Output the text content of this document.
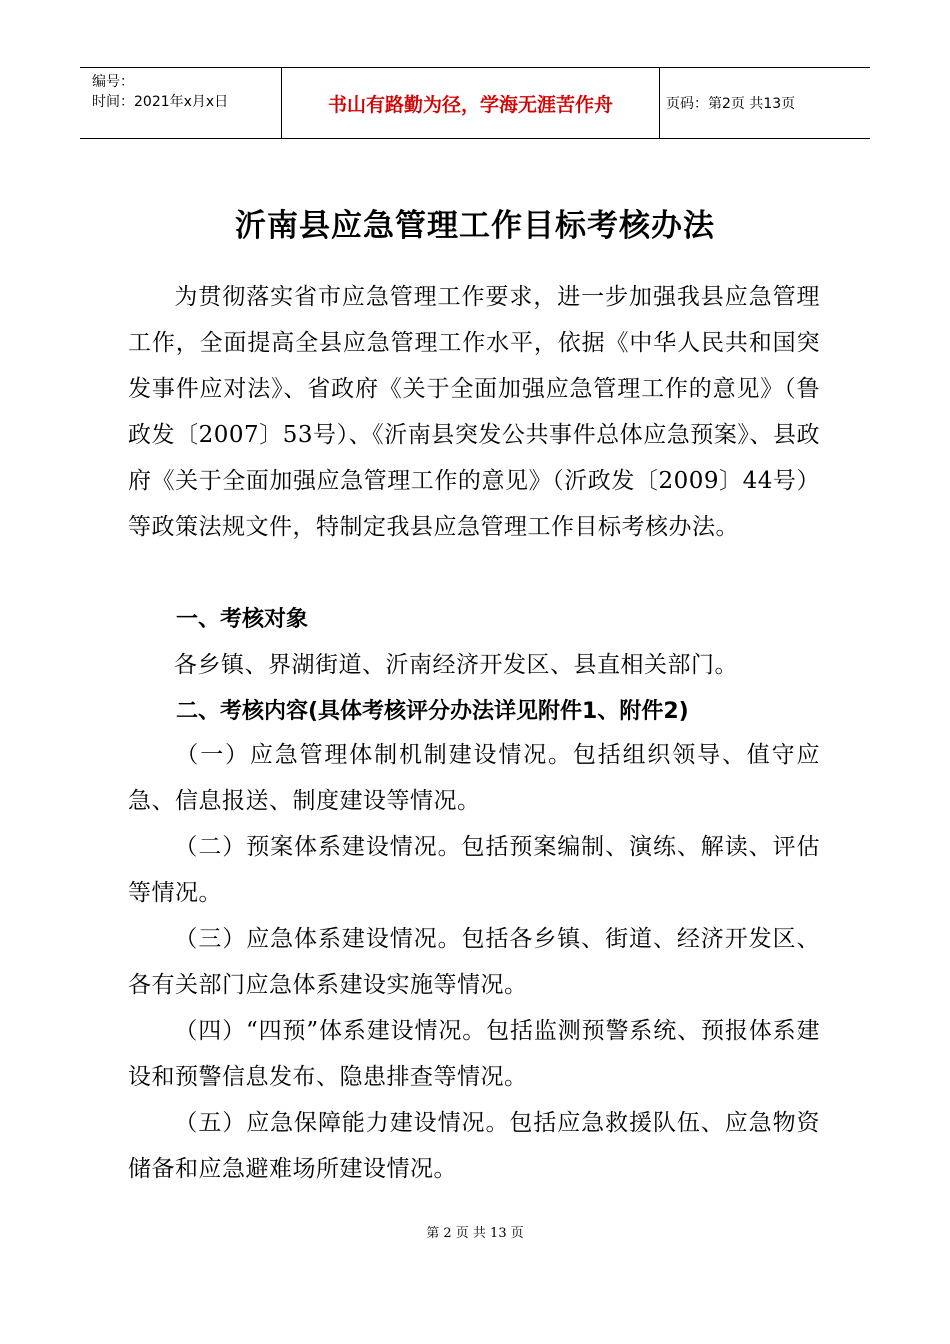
编号：
时间：2021年x月x日	书山有路勤为径，学海无涯苦作舟	页码：第2页 共13页
沂南县应急管理工作目标考核办法
为贯彻落实省市应急管理工作要求，进一步加强我县应急管理工作，全面提高全县应急管理工作水平，依据《中华人民共和国突发事件应对法》、省政府《关于全面加强应急管理工作的意见》（鲁政发〔2007〕53号）、《沂南县突发公共事件总体应急预案》、县政府《关于全面加强应急管理工作的意见》（沂政发〔2009〕44号）等政策法规文件，特制定我县应急管理工作目标考核办法。
一、考核对象
各乡镇、界湖街道、沂南经济开发区、县直相关部门。
二、考核内容(具体考核评分办法详见附件1、附件2)
（一）应急管理体制机制建设情况。包括组织领导、值守应急、信息报送、制度建设等情况。
（二）预案体系建设情况。包括预案编制、演练、解读、评估等情况。
（三）应急体系建设情况。包括各乡镇、街道、经济开发区、各有关部门应急体系建设实施等情况。
（四）“四预”体系建设情况。包括监测预警系统、预报体系建设和预警信息发布、隐患排查等情况。
（五）应急保障能力建设情况。包括应急救援队伍、应急物资储备和应急避难场所建设情况。
第 2 页 共 13 页
